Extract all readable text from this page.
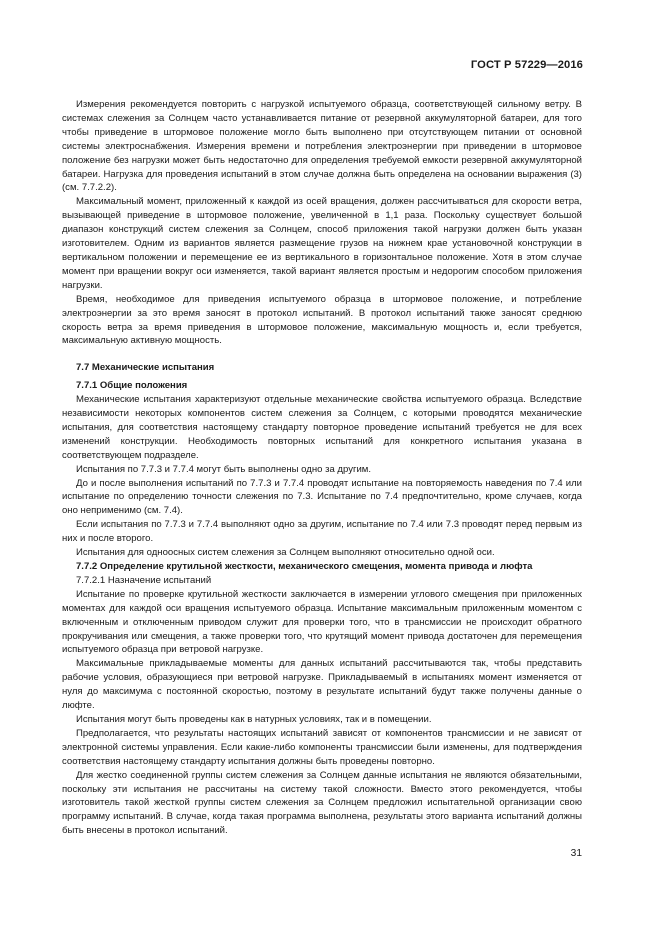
ГОСТ Р 57229—2016

Измерения рекомендуется повторить с нагрузкой испытуемого образца, соответствующей сильному ветру. В системах слежения за Солнцем часто устанавливается питание от резервной аккумуляторной батареи, для того чтобы приведение в штормовое положение могло быть выполнено при отсутствующем питании от основной системы электроснабжения. Измерения времени и потребления электроэнергии при приведении в штормовое положение без нагрузки может быть недостаточно для определения требуемой емкости резервной аккумуляторной батареи. Нагрузка для проведения испытаний в этом случае должна быть определена на основании выражения (3) (см. 7.7.2.2).

Максимальный момент, приложенный к каждой из осей вращения, должен рассчитываться для скорости ветра, вызывающей приведение в штормовое положение, увеличенной в 1,1 раза. Поскольку существует большой диапазон конструкций систем слежения за Солнцем, способ приложения такой нагрузки должен быть указан изготовителем. Одним из вариантов является размещение грузов на нижнем крае установочной конструкции в вертикальном положении и перемещение ее из вертикального в горизонтальное положение. Хотя в этом случае момент при вращении вокруг оси изменяется, такой вариант является простым и недорогим способом приложения нагрузки.

Время, необходимое для приведения испытуемого образца в штормовое положение, и потребление электроэнергии за это время заносят в протокол испытаний. В протокол испытаний также заносят среднюю скорость ветра за время приведения в штормовое положение, максимальную мощность и, если требуется, максимальную активную мощность.

7.7 Механические испытания
7.7.1 Общие положения

Механические испытания характеризуют отдельные механические свойства испытуемого образца. Вследствие независимости некоторых компонентов систем слежения за Солнцем, с которыми проводятся механические испытания, для соответствия настоящему стандарту повторное проведение испытаний требуется не для всех изменений конструкции. Необходимость повторных испытаний для конкретного испытания указана в соответствующем подразделе.

Испытания по 7.7.3 и 7.7.4 могут быть выполнены одно за другим.

До и после выполнения испытаний по 7.7.3 и 7.7.4 проводят испытание на повторяемость наведения по 7.4 или испытание по определению точности слежения по 7.3. Испытание по 7.4 предпочтительно, кроме случаев, когда оно неприменимо (см. 7.4).

Если испытания по 7.7.3 и 7.7.4 выполняют одно за другим, испытание по 7.4 или 7.3 проводят перед первым из них и после второго.

Испытания для одноосных систем слежения за Солнцем выполняют относительно одной оси.

7.7.2 Определение крутильной жесткости, механического смещения, момента привода и люфта
7.7.2.1 Назначение испытаний

Испытание по проверке крутильной жесткости заключается в измерении углового смещения при приложенных моментах для каждой оси вращения испытуемого образца. Испытание максимальным приложенным моментом с включенным и отключенным приводом служит для проверки того, что в трансмиссии не происходит обратного прокручивания или смещения, а также проверки того, что крутящий момент привода достаточен для перемещения испытуемого образца при ветровой нагрузке.

Максимальные прикладываемые моменты для данных испытаний рассчитываются так, чтобы представить рабочие условия, образующиеся при ветровой нагрузке. Прикладываемый в испытаниях момент изменяется от нуля до максимума с постоянной скоростью, поэтому в результате испытаний будут также получены данные о люфте.

Испытания могут быть проведены как в натурных условиях, так и в помещении.

Предполагается, что результаты настоящих испытаний зависят от компонентов трансмиссии и не зависят от электронной системы управления. Если какие-либо компоненты трансмиссии были изменены, для подтверждения соответствия настоящему стандарту испытания должны быть проведены повторно.

Для жестко соединенной группы систем слежения за Солнцем данные испытания не являются обязательными, поскольку эти испытания не рассчитаны на систему такой сложности. Вместо этого рекомендуется, чтобы изготовитель такой жесткой группы систем слежения за Солнцем предложил испытательной организации свою программу испытаний. В случае, когда такая программа выполнена, результаты этого варианта испытаний должны быть внесены в протокол испытаний.

31
